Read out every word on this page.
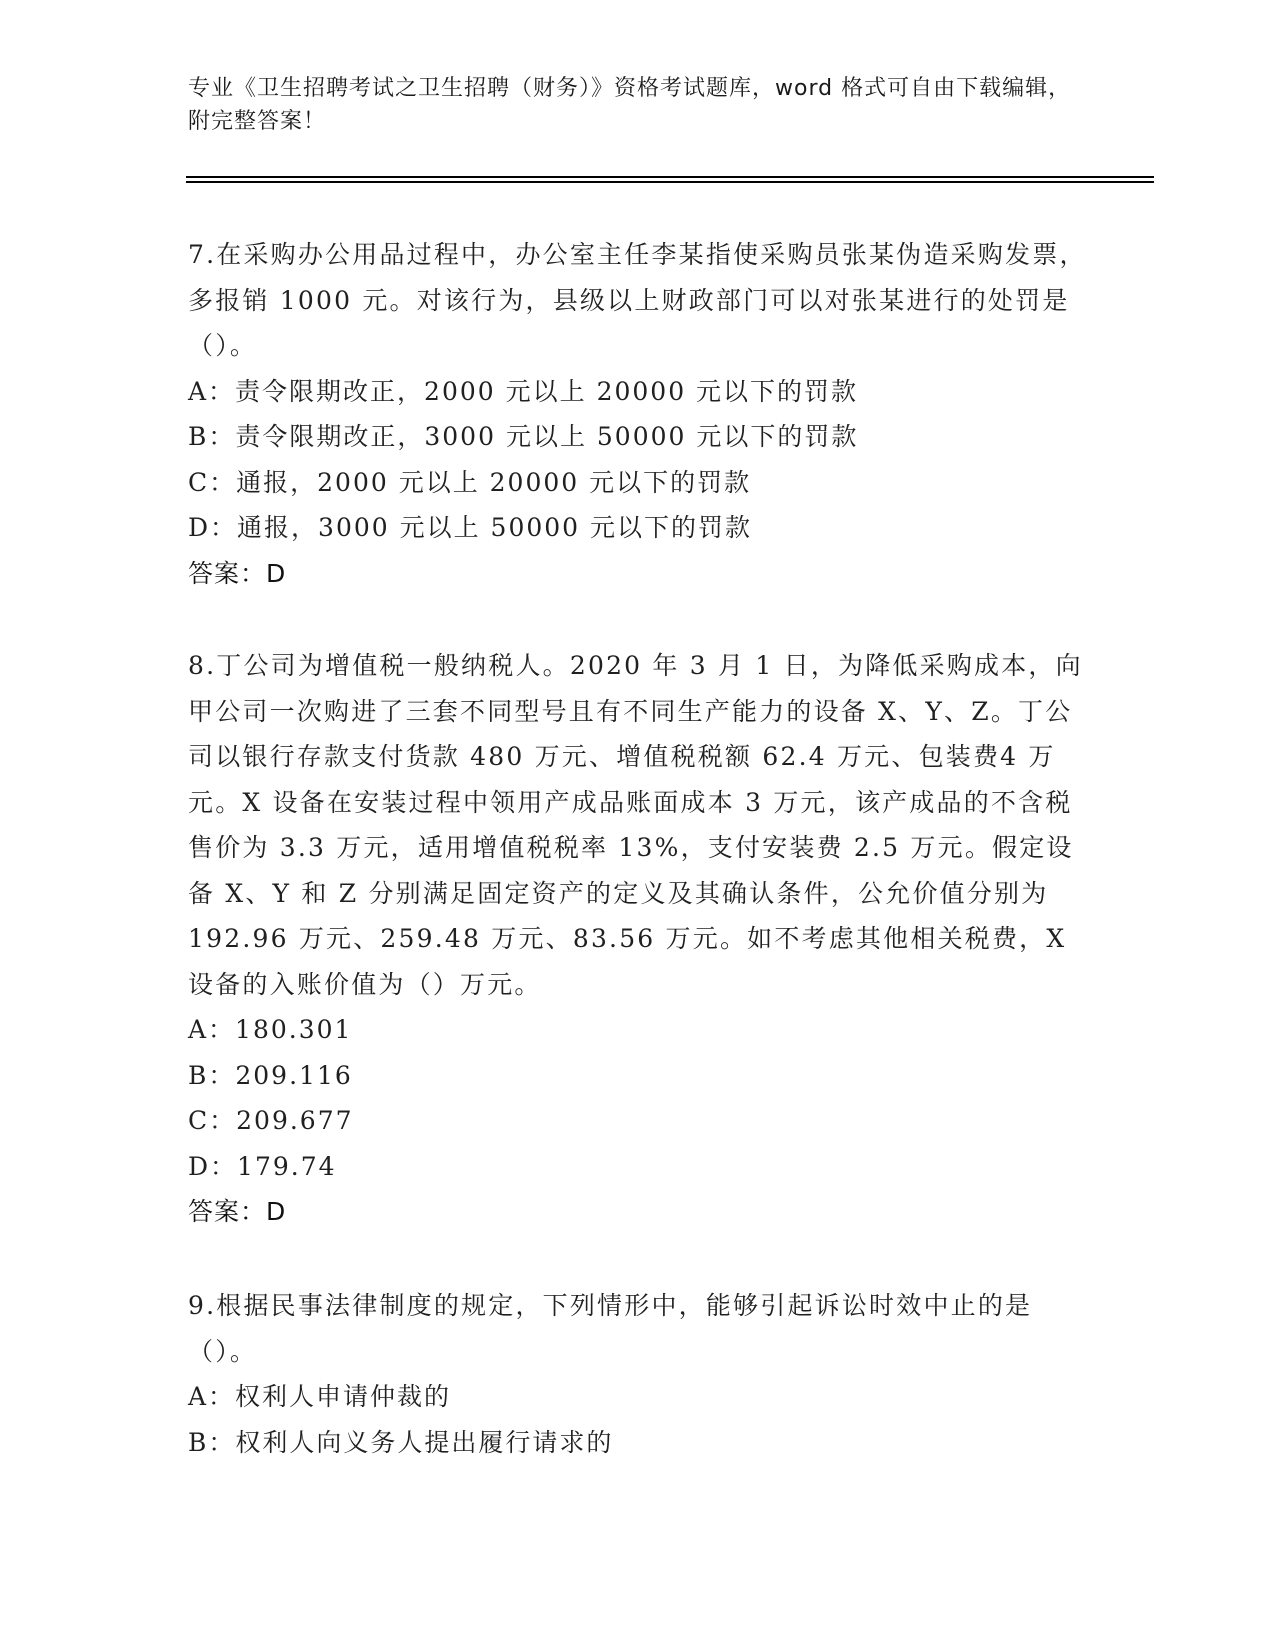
专业《卫生招聘考试之卫生招聘（财务）》资格考试题库，word 格式可自由下载编辑，附完整答案！

7.在采购办公用品过程中，办公室主任李某指使采购员张某伪造采购发票，多报销 1000 元。对该行为，县级以上财政部门可以对张某进行的处罚是（）。

A：责令限期改正，2000 元以上 20000 元以下的罚款

B：责令限期改正，3000 元以上 50000 元以下的罚款

C：通报，2000 元以上 20000 元以下的罚款

D：通报，3000 元以上 50000 元以下的罚款

答案：D

8.丁公司为增值税一般纳税人。2020 年 3 月 1 日，为降低采购成本，向甲公司一次购进了三套不同型号且有不同生产能力的设备 X、Y、Z。丁公司以银行存款支付货款 480 万元、增值税税额 62.4 万元、包装费4 万元。X 设备在安装过程中领用产成品账面成本 3 万元，该产成品的不含税售价为 3.3 万元，适用增值税税率 13%，支付安装费 2.5 万元。假定设备 X、Y 和 Z 分别满足固定资产的定义及其确认条件，公允价值分别为 192.96 万元、259.48 万元、83.56 万元。如不考虑其他相关税费，X 设备的入账价值为（）万元。

A：180.301

B：209.116

C：209.677

D：179.74

答案：D

9.根据民事法律制度的规定，下列情形中，能够引起诉讼时效中止的是（）。

A：权利人申请仲裁的

B：权利人向义务人提出履行请求的
